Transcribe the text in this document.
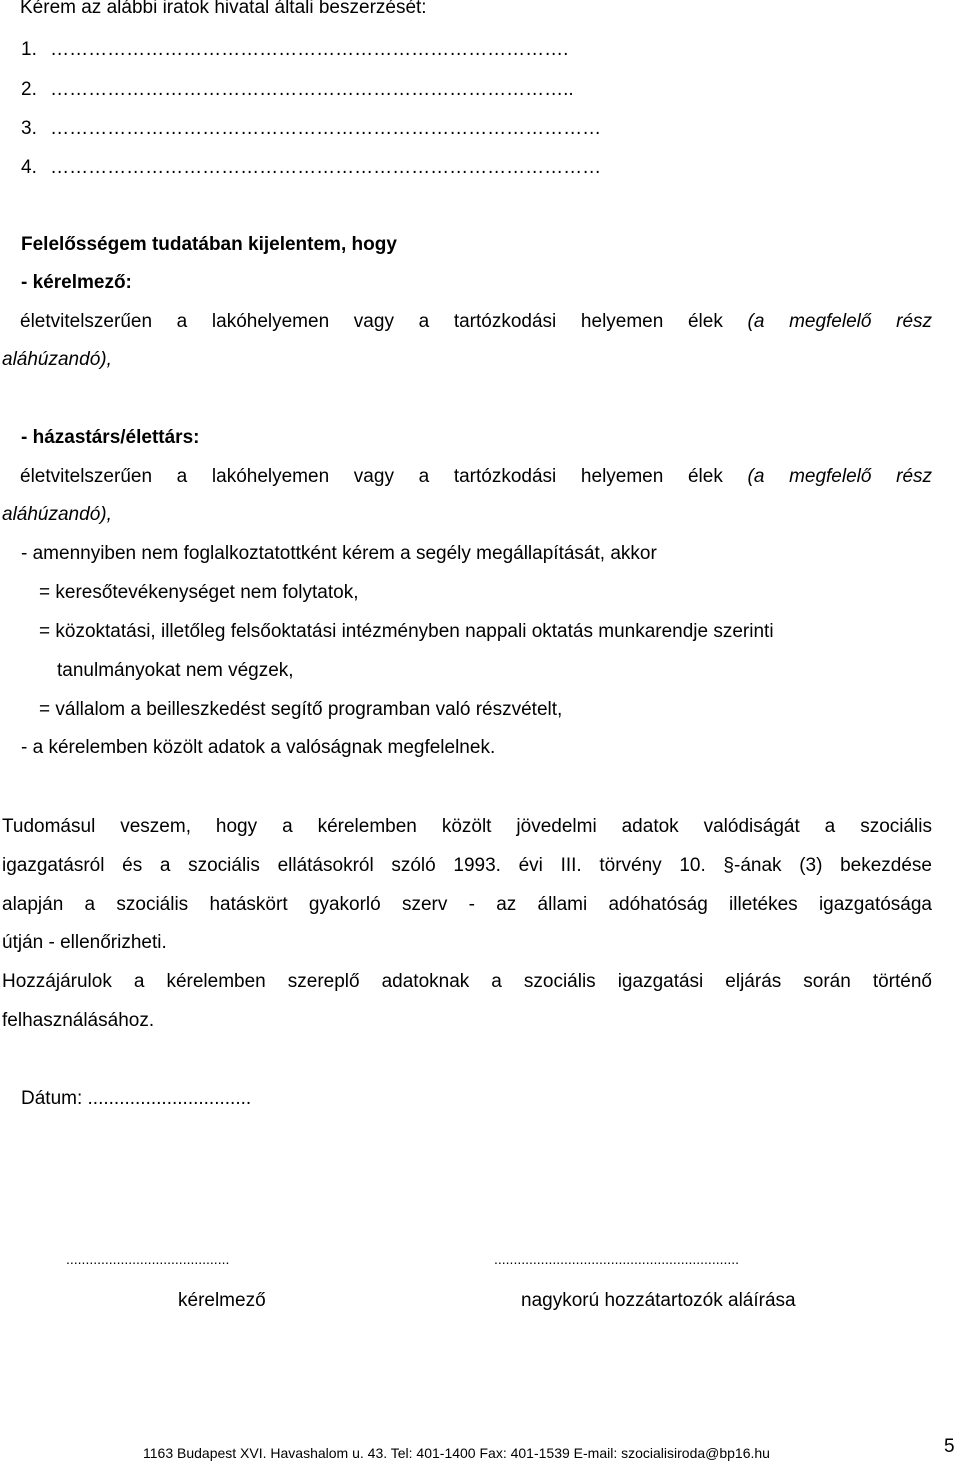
Kérem az alábbi iratok hivatal általi beszerzését:
1. ……………………………………………………………………….
2. ………………………………………………………………………..
3. ……………………………………………………………………………
4. ……………………………………………………………………………
Felelősségem tudatában kijelentem, hogy
- kérelmező:
életvitelszerűen a lakóhelyemen vagy a tartózkodási helyemen élek (a megfelelő rész
aláhúzandó),
- házastárs/élettárs:
életvitelszerűen a lakóhelyemen vagy a tartózkodási helyemen élek (a megfelelő rész
aláhúzandó),
- amennyiben nem foglalkoztatottként kérem a segély megállapítását, akkor
= keresőtevékenységet nem folytatok,
= közoktatási, illetőleg felsőoktatási intézményben nappali oktatás munkarendje szerinti
tanulmányokat nem végzek,
= vállalom a beilleszkedést segítő programban való részvételt,
- a kérelemben közölt adatok a valóságnak megfelelnek.
Tudomásul veszem, hogy a kérelemben közölt jövedelmi adatok valódiságát a szociális
igazgatásról és a szociális ellátásokról szóló 1993. évi III. törvény 10. §-ának (3) bekezdése
alapján a szociális hatáskört gyakorló szerv - az állami adóhatóság illetékes igazgatósága
útján - ellenőrizheti.
Hozzájárulok a kérelemben szereplő adatoknak a szociális igazgatási eljárás során történő
felhasználásához.
Dátum: ...............................
..........................................	...............................................................
kérelmező	nagykorú hozzátartozók aláírása
1163 Budapest XVI. Havashalom u. 43. Tel: 401-1400 Fax: 401-1539 E-mail: szocialisiroda@bp16.hu	5
